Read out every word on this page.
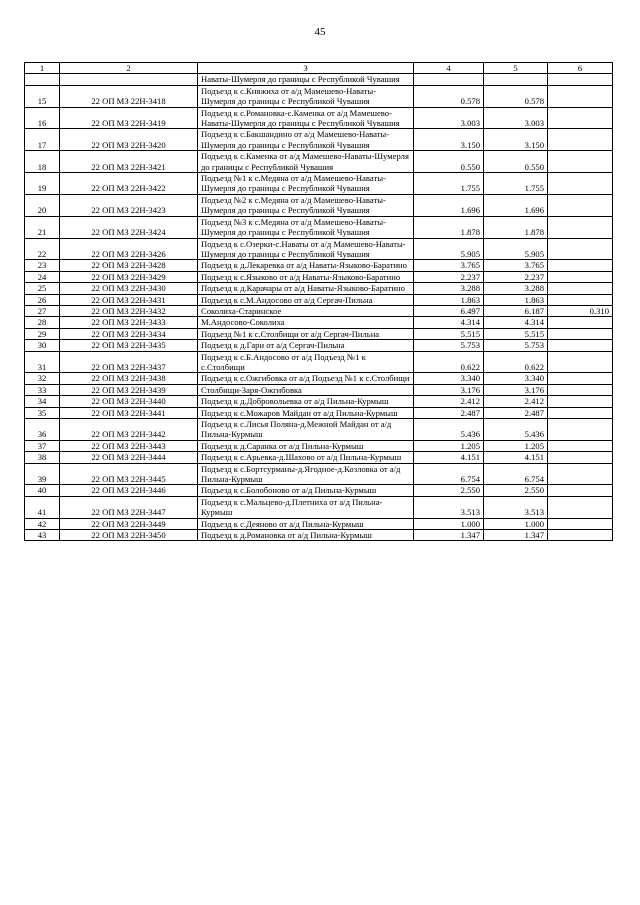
45
1	2	3	4	5	6
		Наваты-Шумерля до границы с Республикой Чувашия			
15	22 ОП МЗ 22Н-3418	Подъезд к с.Княжиха от а/д Мамешево-Наваты-Шумерля до границы с Республикой Чувашия	0.578	0.578	
16	22 ОП МЗ 22Н-3419	Подъезд к с.Романовка-с.Каменка от а/д Мамешево-Наваты-Шумерля до границы с Республикой Чувашия	3.003	3.003	
17	22 ОП МЗ 22Н-3420	Подъезд к с.Бакшандино от а/д Мамешево-Наваты-Шумерля до границы с Республикой Чувашия	3.150	3.150	
18	22 ОП МЗ 22Н-3421	Подъезд к с.Каменка от а/д Мамешево-Наваты-Шумерля до границы с Республикой Чувашия	0.550	0.550	
19	22 ОП МЗ 22Н-3422	Подъезд №1 к с.Медяна от а/д Мамешево-Наваты-Шумерля до границы с Республикой Чувашия	1.755	1.755	
20	22 ОП МЗ 22Н-3423	Подъезд №2 к с.Медяна от а/д Мамешево-Наваты-Шумерля до границы с Республикой Чувашия	1.696	1.696	
21	22 ОП МЗ 22Н-3424	Подъезд №3 к с.Медяна от а/д Мамешево-Наваты-Шумерля до границы с Республикой Чувашия	1.878	1.878	
22	22 ОП МЗ 22Н-3426	Подъезд к с.Озерки-с.Наваты от а/д Мамешево-Наваты-Шумерля до границы с Республикой Чувашия	5.905	5.905	
23	22 ОП МЗ 22Н-3428	Подъезд к д.Лекаревка от а/д Наваты-Языково-Баратино	3.765	3.765	
24	22 ОП МЗ 22Н-3429	Подъезд к с.Языково от а/д Наваты-Языково-Баратино	2.237	2.237	
25	22 ОП МЗ 22Н-3430	Подъезд к д.Карачары от а/д Наваты-Языково-Баратино	3.288	3.288	
26	22 ОП МЗ 22Н-3431	Подъезд к с.М.Андосово от а/д Сергач-Пильна	1.863	1.863	
27	22 ОП МЗ 22Н-3432	Соколиха-Старинское	6.497	6.187	0.310
28	22 ОП МЗ 22Н-3433	М.Андосово-Соколиха	4.314	4.314	
29	22 ОП МЗ 22Н-3434	Подъезд №1 к с.Столбищи от а/д Сергач-Пильна	5.515	5.515	
30	22 ОП МЗ 22Н-3435	Подъезд к д.Гари от а/д Сергач-Пильна	5.753	5.753	
31	22 ОП МЗ 22Н-3437	Подъезд к с.Б.Андосово от а/д Подъезд №1 к с.Столбищи	0.622	0.622	
32	22 ОП МЗ 22Н-3438	Подъезд к с.Ожгибовка от а/д Подъезд №1 к с.Столбищи	3.340	3.340	
33	22 ОП МЗ 22Н-3439	Столбищи-Заря-Ожгибовка	3.176	3.176	
34	22 ОП МЗ 22Н-3440	Подъезд к д.Добровольевка от а/д Пильна-Курмыш	2.412	2.412	
35	22 ОП МЗ 22Н-3441	Подъезд к с.Можаров Майдан от а/д Пильна-Курмыш	2.487	2.487	
36	22 ОП МЗ 22Н-3442	Подъезд к с.Лисья Поляна-д.Межной Майдан от а/д Пильна-Курмыш	5.436	5.436	
37	22 ОП МЗ 22Н-3443	Подъезд к д.Саранка от а/д Пильна-Курмыш	1.205	1.205	
38	22 ОП МЗ 22Н-3444	Подъезд к с.Арьевка-д.Шахово от а/д Пильна-Курмыш	4.151	4.151	
39	22 ОП МЗ 22Н-3445	Подъезд к с.Бортсурманы-д.Ягодное-д.Козловка от а/д Пильна-Курмыш	6.754	6.754	
40	22 ОП МЗ 22Н-3446	Подъезд к с.Болобоново от а/д Пильна-Курмыш	2.550	2.550	
41	22 ОП МЗ 22Н-3447	Подъезд к с.Мальцево-д.Плетниха от а/д Пильна-Курмыш	3.513	3.513	
42	22 ОП МЗ 22Н-3449	Подъезд к с.Деяново от а/д Пильна-Курмыш	1.000	1.000	
43	22 ОП МЗ 22Н-3450	Подъезд к д.Романовка от а/д Пильна-Курмыш	1.347	1.347	
